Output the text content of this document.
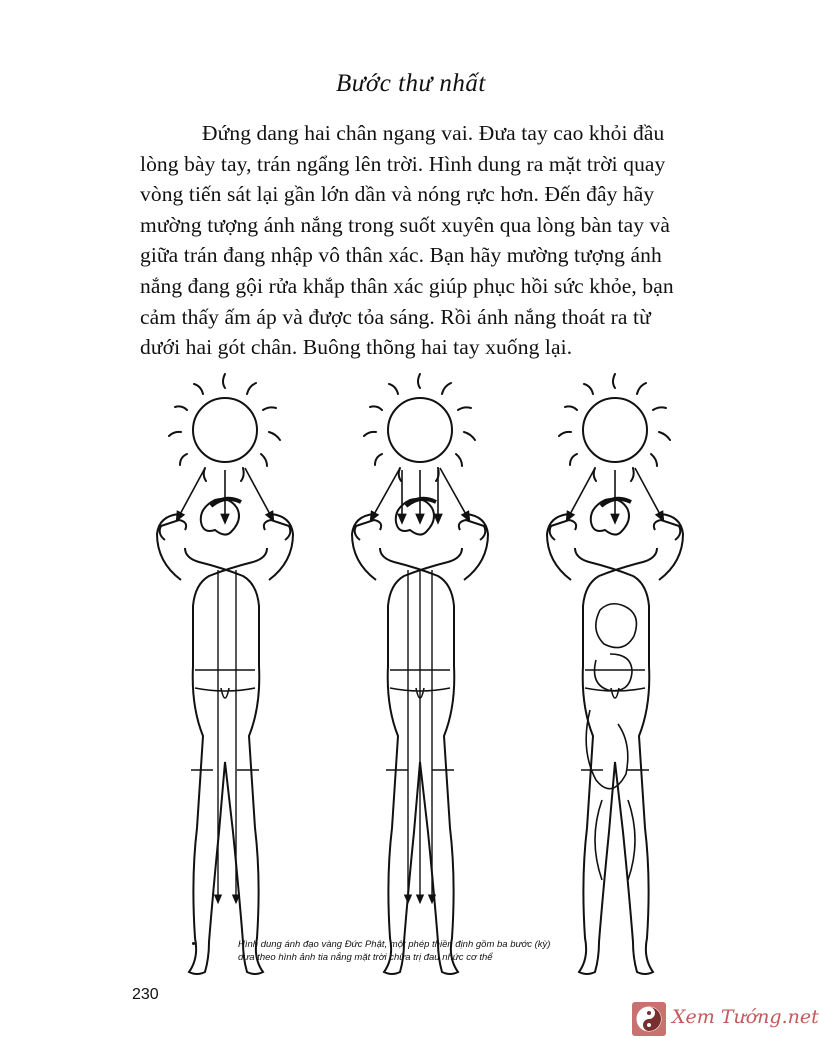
Bước thư nhất
Đứng dang hai chân ngang vai. Đưa tay cao khỏi đầu
lòng bày tay, trán ngẩng lên trời. Hình dung ra mặt trời quay
vòng tiến sát lại gần lớn dần và nóng rực hơn. Đến đây hãy
mường tượng ánh nắng trong suốt xuyên qua lòng bàn tay và
giữa trán đang nhập vô thân xác. Bạn hãy mường tượng ánh
nắng đang gội rửa khắp thân xác giúp phục hồi sức khỏe, bạn
cảm thấy ấm áp và được tỏa sáng. Rồi ánh nắng thoát ra từ
dưới hai gót chân. Buông thõng hai tay xuống lại.
Hình dung ánh đạo vàng Đức Phật, một phép thiền định gồm ba bước (kỳ)
dựa theo hình ảnh tia nắng mặt trời chữa trị đau nhức cơ thể
230
Xem Tướng.net
